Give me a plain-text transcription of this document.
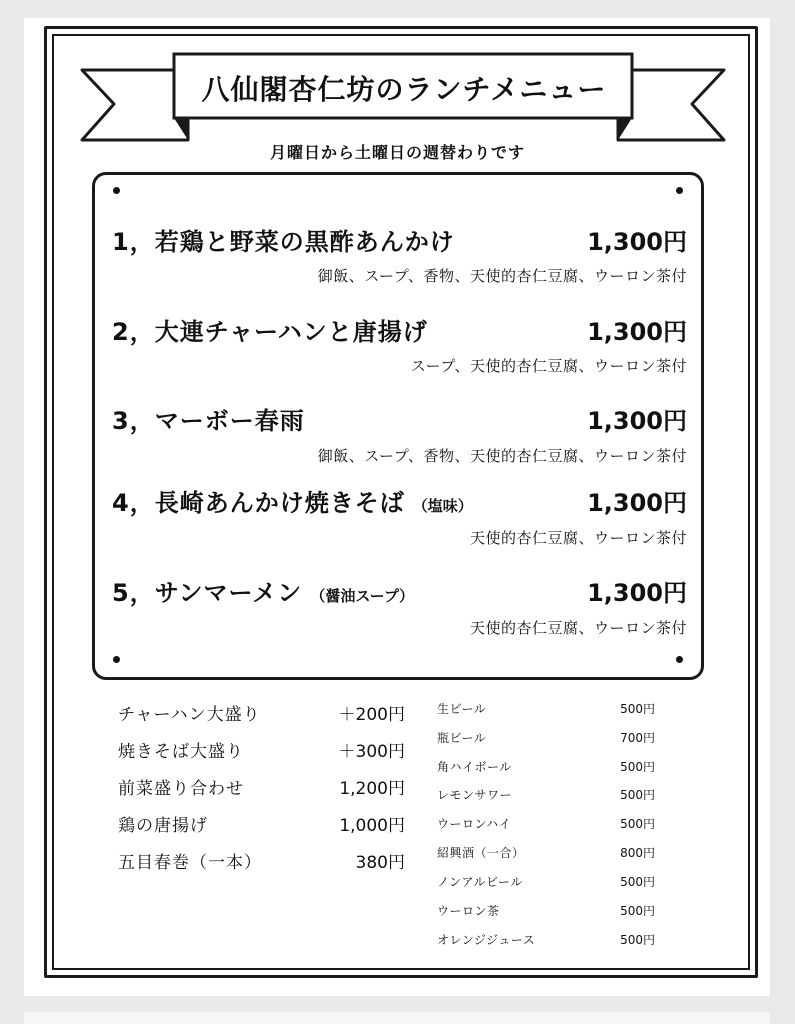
八仙閣杏仁坊のランチメニュー
月曜日から土曜日の週替わりです
1，若鶏と野菜の黒酢あんかけ	1,300円
御飯、スープ、香物、天使的杏仁豆腐、ウーロン茶付
2，大連チャーハンと唐揚げ	1,300円
スープ、天使的杏仁豆腐、ウーロン茶付
3，マーボー春雨	1,300円
御飯、スープ、香物、天使的杏仁豆腐、ウーロン茶付
4，長崎あんかけ焼きそば （塩味）	1,300円
天使的杏仁豆腐、ウーロン茶付
5，サンマーメン （醤油スープ）	1,300円
天使的杏仁豆腐、ウーロン茶付
チャーハン大盛り	＋200円
焼きそば大盛り	＋300円
前菜盛り合わせ	1,200円
鶏の唐揚げ	1,000円
五目春巻（一本）	380円
生ビール	500円
瓶ビール	700円
角ハイボール	500円
レモンサワー	500円
ウーロンハイ	500円
紹興酒（一合）	800円
ノンアルビール	500円
ウーロン茶	500円
オレンジジュース	500円
